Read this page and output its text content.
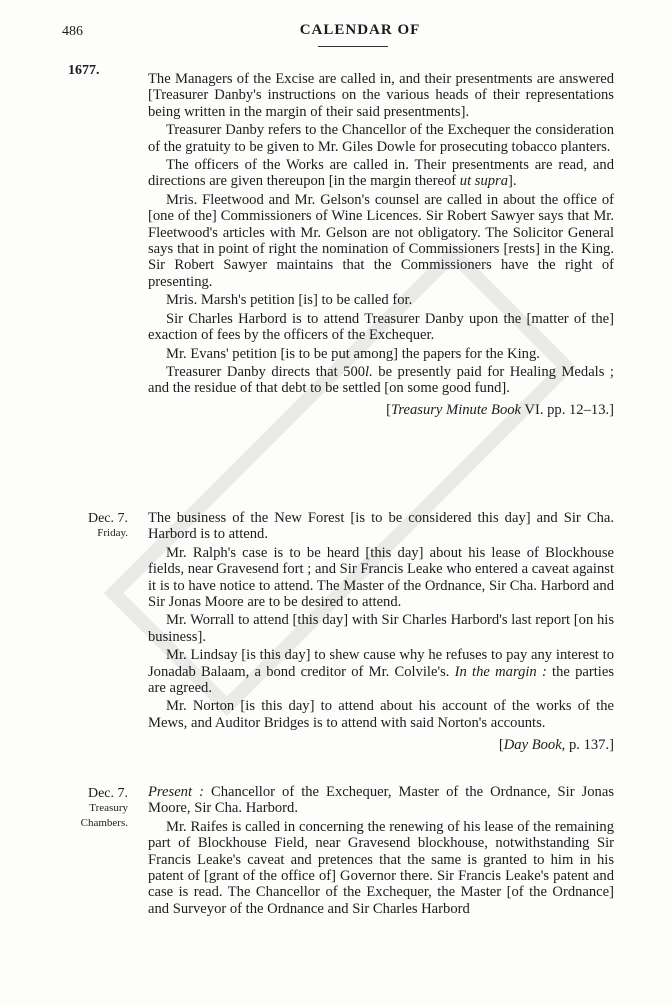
486	CALENDAR OF
1677.

The Managers of the Excise are called in, and their presentments are answered [Treasurer Danby's instructions on the various heads of their representations being written in the margin of their said presentments].

Treasurer Danby refers to the Chancellor of the Exchequer the consideration of the gratuity to be given to Mr. Giles Dowle for prosecuting tobacco planters.

The officers of the Works are called in. Their presentments are read, and directions are given thereupon [in the margin thereof ut supra].

Mris. Fleetwood and Mr. Gelson's counsel are called in about the office of [one of the] Commissioners of Wine Licences. Sir Robert Sawyer says that Mr. Fleetwood's articles with Mr. Gelson are not obligatory. The Solicitor General says that in point of right the nomination of Commissioners [rests] in the King. Sir Robert Sawyer maintains that the Commissioners have the right of presenting.

Mris. Marsh's petition [is] to be called for.

Sir Charles Harbord is to attend Treasurer Danby upon the [matter of the] exaction of fees by the officers of the Exchequer.

Mr. Evans' petition [is to be put among] the papers for the King.

Treasurer Danby directs that 500l. be presently paid for Healing Medals ; and the residue of that debt to be settled [on some good fund].

[Treasury Minute Book VI. pp. 12–13.]
Dec. 7.
Friday.

The business of the New Forest [is to be considered this day] and Sir Cha. Harbord is to attend.

Mr. Ralph's case is to be heard [this day] about his lease of Blockhouse fields, near Gravesend fort ; and Sir Francis Leake who entered a caveat against it is to have notice to attend. The Master of the Ordnance, Sir Cha. Harbord and Sir Jonas Moore are to be desired to attend.

Mr. Worrall to attend [this day] with Sir Charles Harbord's last report [on his business].

Mr. Lindsay [is this day] to shew cause why he refuses to pay any interest to Jonadab Balaam, a bond creditor of Mr. Colvile's. In the margin : the parties are agreed.

Mr. Norton [is this day] to attend about his account of the works of the Mews, and Auditor Bridges is to attend with said Norton's accounts.

[Day Book, p. 137.]
Dec. 7.
Treasury
Chambers.

Present : Chancellor of the Exchequer, Master of the Ordnance, Sir Jonas Moore, Sir Cha. Harbord.

Mr. Raifes is called in concerning the renewing of his lease of the remaining part of Blockhouse Field, near Gravesend blockhouse, notwithstanding Sir Francis Leake's caveat and pretences that the same is granted to him in his patent of [grant of the office of] Governor there. Sir Francis Leake's patent and case is read. The Chancellor of the Exchequer, the Master [of the Ordnance] and Surveyor of the Ordnance and Sir Charles Harbord
